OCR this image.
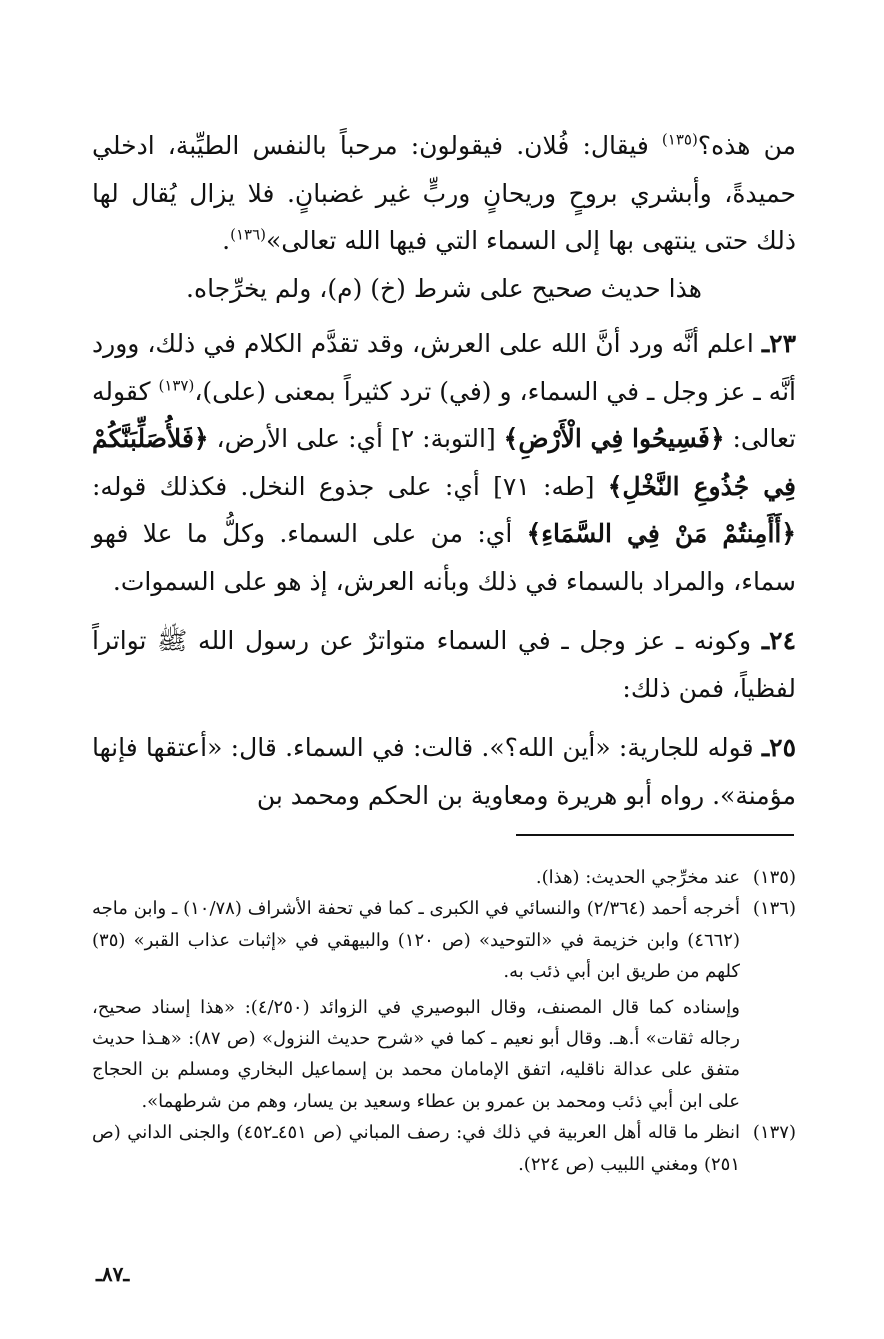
من هذه؟$^{(١٣٥)}$ فيقال: فُلان. فيقولون: مرحباً بالنفس الطيِّبة، ادخلي حميدةً، وأبشري بروحٍ وريحانٍ وربٍّ غير غضبانٍ. فلا يزال يُقال لها ذلك حتى ينتهى بها إلى السماء التي فيها الله تعالى»$^{(١٣٦)}$.

هذا حديث صحيح على شرط (خ) (م)، ولم يخرِّجاه.

٢٣ـ اعلم أنَّه ورد أنَّ الله على العرش، وقد تقدَّم الكلام في ذلك، وورد أنَّه ـ عز وجل ـ في السماء، و (في) ترد كثيراً بمعنى (على)،$^{(١٣٧)}$ كقوله تعالى: ﴿فَسِيحُوا فِي الْأَرْضِ﴾ [التوبة: ٢] أي: على الأرض، ﴿فَلأُصَلِّبَنَّكُمْ فِي جُذُوعِ النَّخْلِ﴾ [طه: ٧١] أي: على جذوع النخل. فكذلك قوله: ﴿أَأَمِنتُمْ مَنْ فِي السَّمَاءِ﴾ أي: من على السماء. وكلُّ ما علا فهو سماء، والمراد بالسماء في ذلك وبأنه العرش، إذ هو على السموات.

٢٤ـ وكونه ـ عز وجل ـ في السماء متواترٌ عن رسول الله ﷺ تواتراً لفظياً، فمن ذلك:

٢٥ـ قوله للجارية: «أين الله؟». قالت: في السماء. قال: «أعتقها فإنها مؤمنة». رواه أبو هريرة ومعاوية بن الحكم ومحمد بن

(١٣٥)

عند مخرِّجي الحديث: (هذا).

(١٣٦)

أخرجه أحمد (٢/٣٦٤) والنسائي في الكبرى ـ كما في تحفة الأشراف (١٠/٧٨) ـ وابن ماجه (٤٦٦٢) وابن خزيمة في «التوحيد» (ص ١٢٠) والبيهقي في «إثبات عذاب القبر» (٣٥) كلهم من طريق ابن أبي ذئب به.

وإسناده كما قال المصنف، وقال البوصيري في الزوائد (٤/٢٥٠): «هذا إسناد صحيح، رجاله ثقات» أ.هـ. وقال أبو نعيم ـ كما في «شرح حديث النزول» (ص ٨٧): «هـذا حديث متفق على عدالة ناقليه، اتفق الإمامان محمد بن إسماعيل البخاري ومسلم بن الحجاج على ابن أبي ذئب ومحمد بن عمرو بن عطاء وسعيد بن يسار، وهم من شرطهما».

(١٣٧)

انظر ما قاله أهل العربية في ذلك في: رصف المباني (ص ٤٥١ـ٤٥٢) والجنى الداني (ص ٢٥١) ومغني اللبيب (ص ٢٢٤).

ـ٨٧ـ
